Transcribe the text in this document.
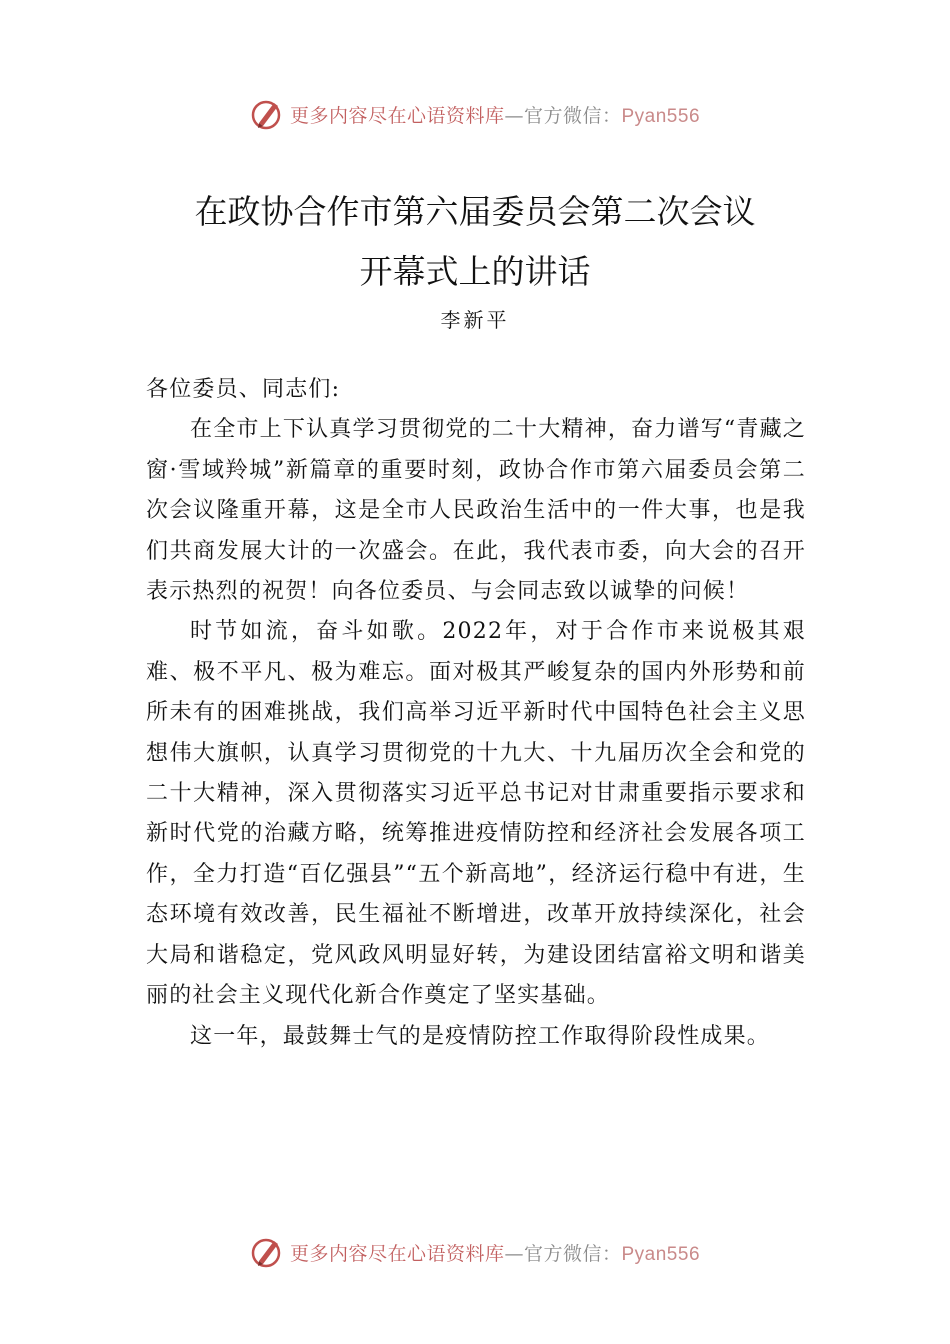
更多内容尽在心语资料库—官方微信：Pyan556
在政协合作市第六届委员会第二次会议
开幕式上的讲话
李新平

各位委员、同志们:

在全市上下认真学习贯彻党的二十大精神，奋力谱写“青藏之窗·雪域羚城”新篇章的重要时刻，政协合作市第六届委员会第二次会议隆重开幕，这是全市人民政治生活中的一件大事，也是我们共商发展大计的一次盛会。在此，我代表市委，向大会的召开表示热烈的祝贺！向各位委员、与会同志致以诚挚的问候！

时节如流，奋斗如歌。2022年，对于合作市来说极其艰难、极不平凡、极为难忘。面对极其严峻复杂的国内外形势和前所未有的困难挑战，我们高举习近平新时代中国特色社会主义思想伟大旗帜，认真学习贯彻党的十九大、十九届历次全会和党的二十大精神，深入贯彻落实习近平总书记对甘肃重要指示要求和新时代党的治藏方略，统筹推进疫情防控和经济社会发展各项工作，全力打造“百亿强县”“五个新高地”，经济运行稳中有进，生态环境有效改善，民生福祉不断增进，改革开放持续深化，社会大局和谐稳定，党风政风明显好转，为建设团结富裕文明和谐美丽的社会主义现代化新合作奠定了坚实基础。

这一年，最鼓舞士气的是疫情防控工作取得阶段性成果。

更多内容尽在心语资料库—官方微信：Pyan556
